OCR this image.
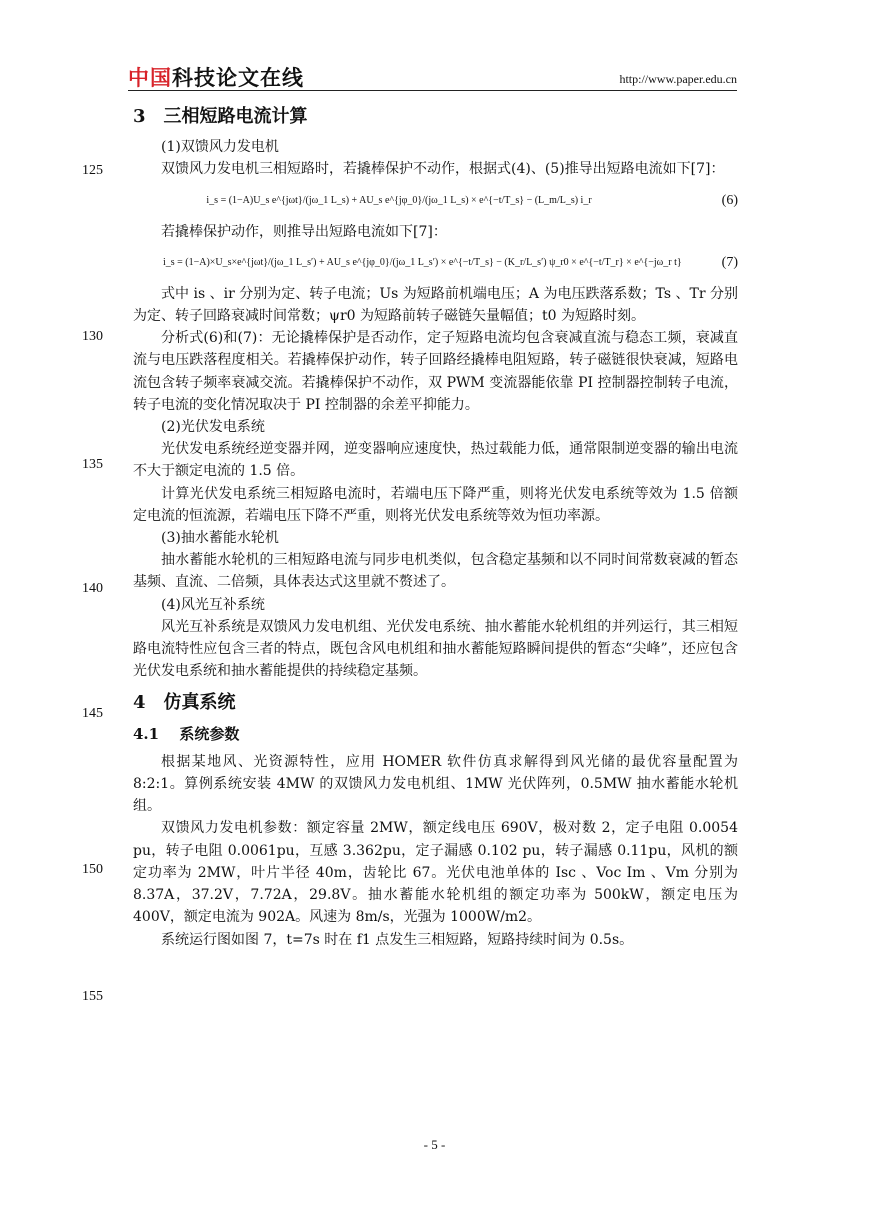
中国科技论文在线	http://www.paper.edu.cn
125
130
135
140
145
150
155
3　三相短路电流计算

(1)双馈风力发电机

双馈风力发电机三相短路时，若撬棒保护不动作，根据式(4)、(5)推导出短路电流如下[7]：

i_s = (1−A)U_s e^{jωt}/(jω_1 L_s) + AU_s e^{jφ_0}/(jω_1 L_s) × e^{−t/T_s} − (L_m/L_s) i_r	(6)

若撬棒保护动作，则推导出短路电流如下[7]：

i_s = (1−A)×U_s×e^{jωt}/(jω_1 L_s′) + AU_s e^{jφ_0}/(jω_1 L_s′) × e^{−t/T_s} − (K_r/L_s′) ψ_r0 × e^{−t/T_r} × e^{−jω_r t}	(7)

式中 is 、ir 分别为定、转子电流；Us 为短路前机端电压；A 为电压跌落系数；Ts 、Tr 分别为定、转子回路衰减时间常数；ψr0 为短路前转子磁链矢量幅值；t0 为短路时刻。

分析式(6)和(7)：无论撬棒保护是否动作，定子短路电流均包含衰减直流与稳态工频，衰减直流与电压跌落程度相关。若撬棒保护动作，转子回路经撬棒电阻短路，转子磁链很快衰减，短路电流包含转子频率衰减交流。若撬棒保护不动作，双 PWM 变流器能依靠 PI 控制器控制转子电流，转子电流的变化情况取决于 PI 控制器的余差平抑能力。

(2)光伏发电系统

光伏发电系统经逆变器并网，逆变器响应速度快，热过载能力低，通常限制逆变器的输出电流不大于额定电流的 1.5 倍。

计算光伏发电系统三相短路电流时，若端电压下降严重，则将光伏发电系统等效为 1.5 倍额定电流的恒流源，若端电压下降不严重，则将光伏发电系统等效为恒功率源。

(3)抽水蓄能水轮机

抽水蓄能水轮机的三相短路电流与同步电机类似，包含稳定基频和以不同时间常数衰减的暂态基频、直流、二倍频，具体表达式这里就不赘述了。

(4)风光互补系统

风光互补系统是双馈风力发电机组、光伏发电系统、抽水蓄能水轮机组的并列运行，其三相短路电流特性应包含三者的特点，既包含风电机组和抽水蓄能短路瞬间提供的暂态“尖峰”，还应包含光伏发电系统和抽水蓄能提供的持续稳定基频。

4　仿真系统
4.1　 系统参数

根据某地风、光资源特性，应用 HOMER 软件仿真求解得到风光储的最优容量配置为 8:2:1。算例系统安装 4MW 的双馈风力发电机组、1MW 光伏阵列，0.5MW 抽水蓄能水轮机组。

双馈风力发电机参数：额定容量 2MW，额定线电压 690V，极对数 2，定子电阻 0.0054 pu，转子电阻 0.0061pu，互感 3.362pu，定子漏感 0.102 pu，转子漏感 0.11pu，风机的额定功率为 2MW，叶片半径 40m，齿轮比 67。光伏电池单体的 Isc 、Voc Im 、Vm 分别为 8.37A，37.2V，7.72A，29.8V。抽水蓄能水轮机组的额定功率为 500kW，额定电压为 400V，额定电流为 902A。风速为 8m/s，光强为 1000W/m2。

系统运行图如图 7，t=7s 时在 f1 点发生三相短路，短路持续时间为 0.5s。

- 5 -
